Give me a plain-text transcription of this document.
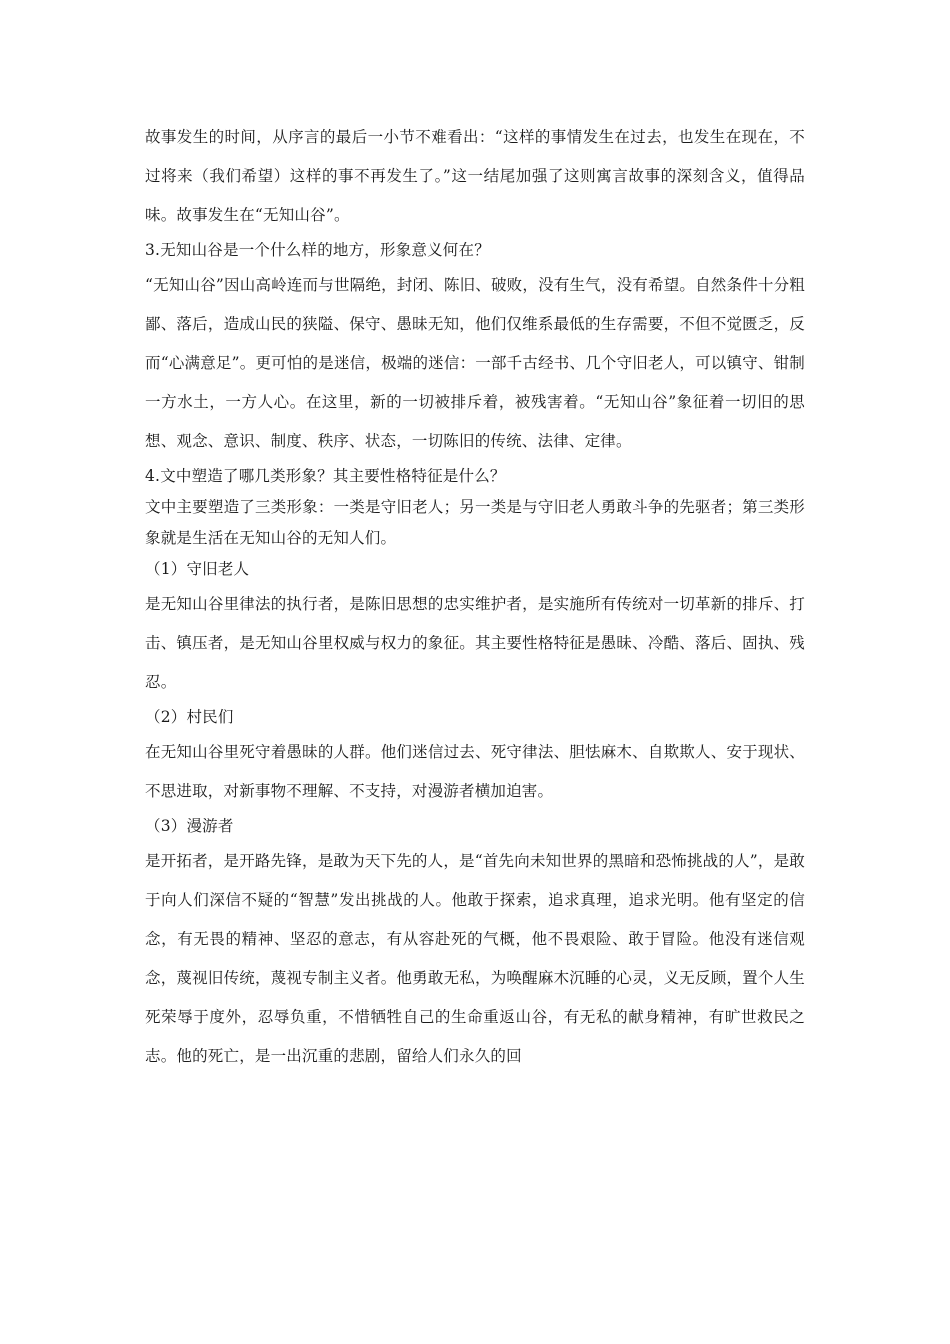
故事发生的时间，从序言的最后一小节不难看出：“这样的事情发生在过去，也发生在现在，不过将来（我们希望）这样的事不再发生了。”这一结尾加强了这则寓言故事的深刻含义，值得品味。故事发生在“无知山谷”。

3.无知山谷是一个什么样的地方，形象意义何在？

“无知山谷”因山高岭连而与世隔绝，封闭、陈旧、破败，没有生气，没有希望。自然条件十分粗鄙、落后，造成山民的狭隘、保守、愚昧无知，他们仅维系最低的生存需要，不但不觉匮乏，反而“心满意足”。更可怕的是迷信，极端的迷信：一部千古经书、几个守旧老人，可以镇守、钳制一方水土，一方人心。在这里，新的一切被排斥着，被残害着。“无知山谷”象征着一切旧的思想、观念、意识、制度、秩序、状态，一切陈旧的传统、法律、定律。

4.文中塑造了哪几类形象？其主要性格特征是什么？

文中主要塑造了三类形象：一类是守旧老人；另一类是与守旧老人勇敢斗争的先驱者；第三类形象就是生活在无知山谷的无知人们。

（1）守旧老人

是无知山谷里律法的执行者，是陈旧思想的忠实维护者，是实施所有传统对一切革新的排斥、打击、镇压者，是无知山谷里权威与权力的象征。其主要性格特征是愚昧、冷酷、落后、固执、残忍。

（2）村民们

在无知山谷里死守着愚昧的人群。他们迷信过去、死守律法、胆怯麻木、自欺欺人、安于现状、不思进取，对新事物不理解、不支持，对漫游者横加迫害。

（3）漫游者

是开拓者，是开路先锋，是敢为天下先的人，是“首先向未知世界的黑暗和恐怖挑战的人”，是敢于向人们深信不疑的“智慧”发出挑战的人。他敢于探索，追求真理，追求光明。他有坚定的信念，有无畏的精神、坚忍的意志，有从容赴死的气概，他不畏艰险、敢于冒险。他没有迷信观念，蔑视旧传统，蔑视专制主义者。他勇敢无私，为唤醒麻木沉睡的心灵，义无反顾，置个人生死荣辱于度外，忍辱负重，不惜牺牲自己的生命重返山谷，有无私的献身精神，有旷世救民之志。他的死亡，是一出沉重的悲剧，留给人们永久的回
